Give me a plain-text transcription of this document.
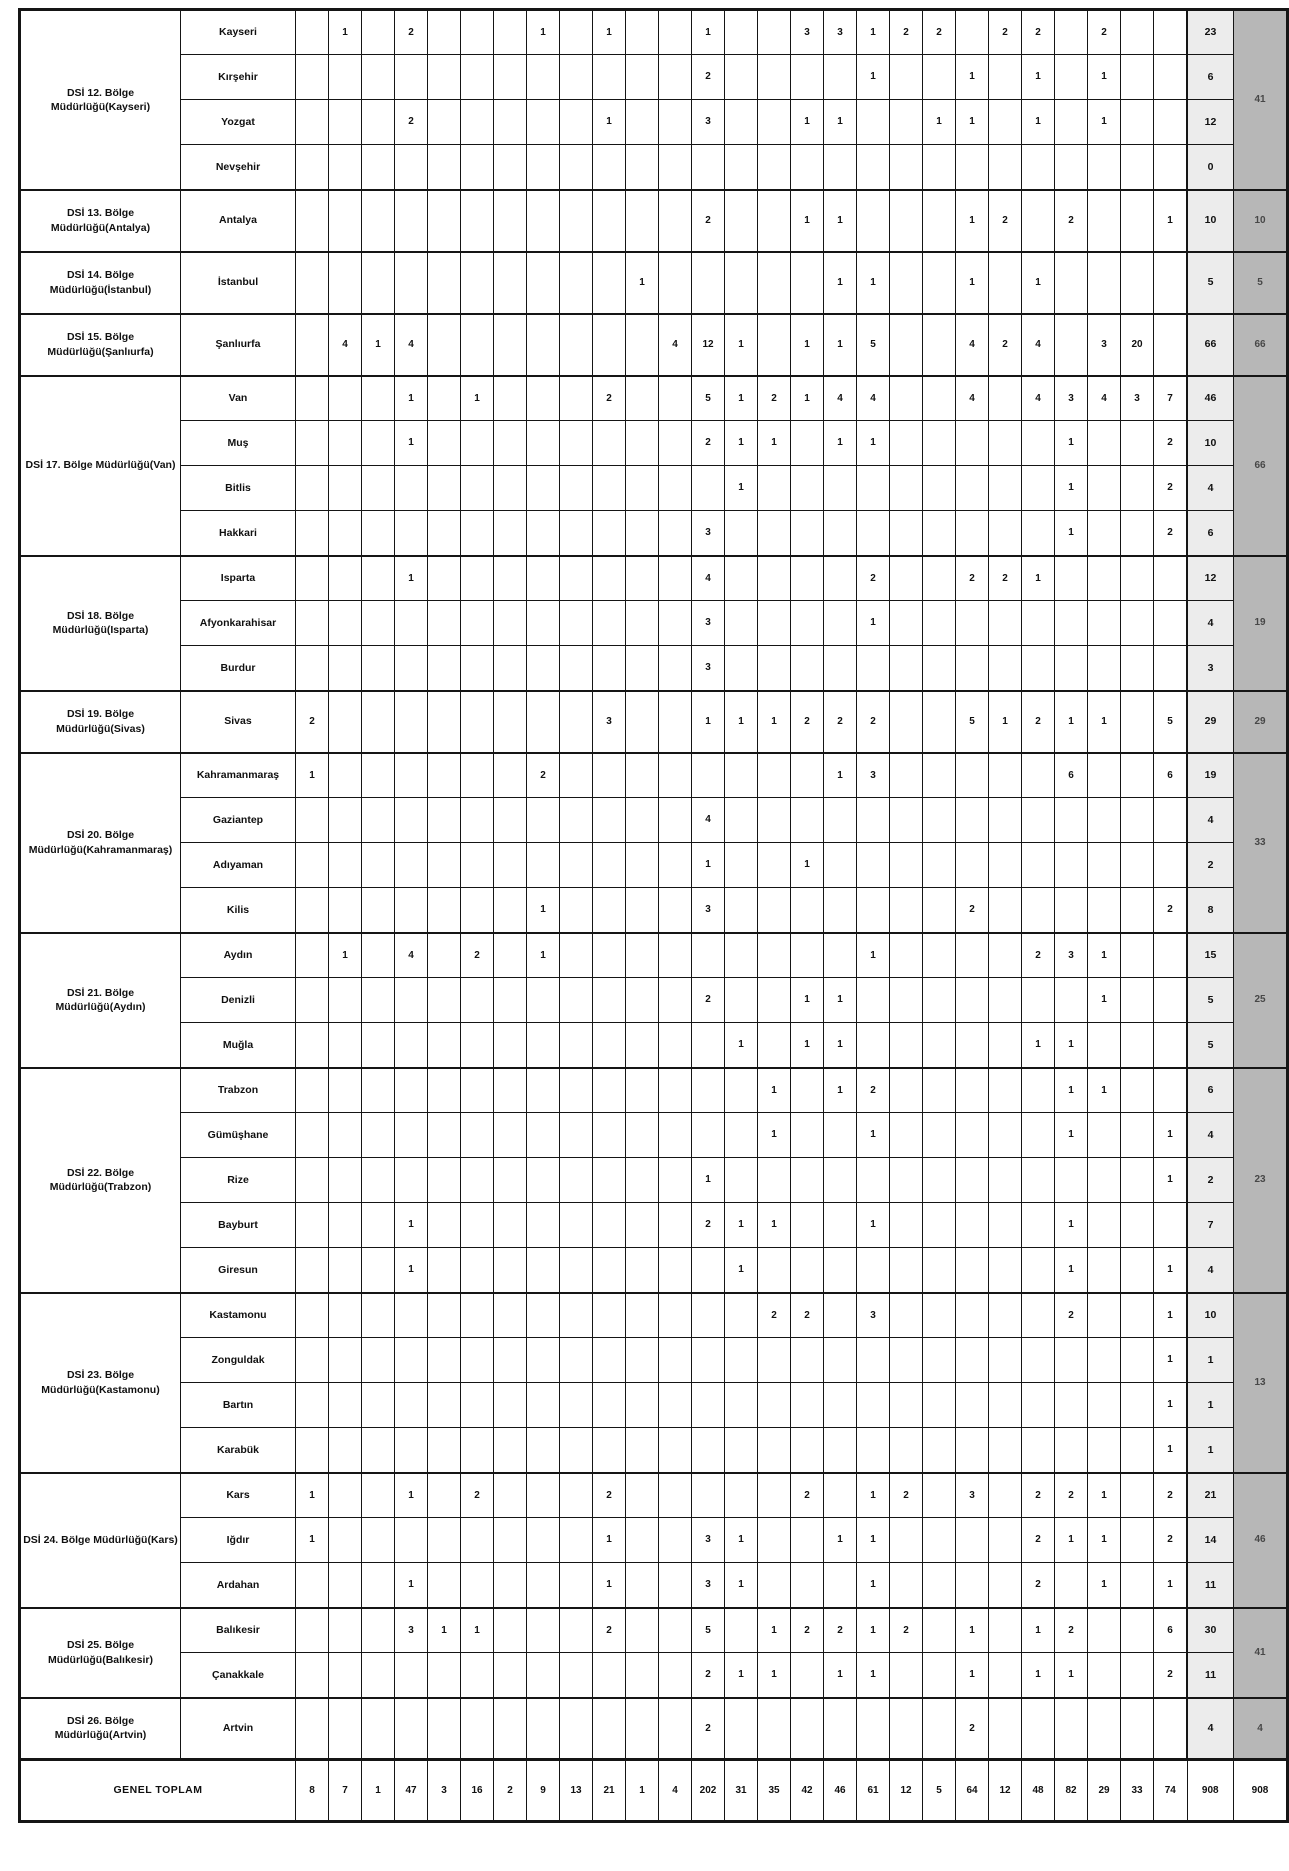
DSİ 12. Bölge Müdürlüğü(Kayseri)	Kayseri		1		2				1		1			1			3	3	1	2	2		2	2		2			23	41
	Kırşehir													2					1			1		1		1			6	
	Yozgat				2						1			3			1	1			1	1		1		1			12	
	Nevşehir																												0	
DSİ 13. Bölge Müdürlüğü(Antalya)	Antalya													2			1	1				1	2		2			1	10	10
DSİ 14. Bölge Müdürlüğü(İstanbul)	İstanbul											1						1	1			1		1					5	5
DSİ 15. Bölge Müdürlüğü(Şanlıurfa)	Şanlıurfa		4	1	4								4	12	1		1	1	5			4	2	4		3	20		66	66
DSİ 17. Bölge Müdürlüğü(Van)	Van				1		1				2			5	1	2	1	4	4			4		4	3	4	3	7	46	66
	Muş				1									2	1	1		1	1						1			2	10	
	Bitlis														1										1			2	4	
	Hakkari													3											1			2	6	
DSİ 18. Bölge Müdürlüğü(Isparta)	Isparta				1									4					2			2	2	1					12	19
	Afyonkarahisar													3					1										4	
	Burdur													3															3	
DSİ 19. Bölge Müdürlüğü(Sivas)	Sivas	2									3			1	1	1	2	2	2			5	1	2	1	1		5	29	29
DSİ 20. Bölge Müdürlüğü(Kahramanmaraş)	Kahramanmaraş	1							2									1	3						6			6	19	33
	Gaziantep													4															4	
	Adıyaman													1			1												2	
	Kilis								1					3								2						2	8	
DSİ 21. Bölge Müdürlüğü(Aydın)	Aydın		1		4		2		1										1					2	3	1			15	25
	Denizli													2			1	1								1			5	
	Muğla														1		1	1						1	1				5	
DSİ 22. Bölge Müdürlüğü(Trabzon)	Trabzon															1		1	2						1	1			6	23
	Gümüşhane															1			1						1			1	4	
	Rize													1														1	2	
	Bayburt				1									2	1	1			1						1				7	
	Giresun				1										1										1			1	4	
DSİ 23. Bölge Müdürlüğü(Kastamonu)	Kastamonu															2	2		3						2			1	10	13
	Zonguldak																											1	1	
	Bartın																											1	1	
	Karabük																											1	1	
DSİ 24. Bölge Müdürlüğü(Kars)	Kars	1			1		2				2						2		1	2		3		2	2	1		2	21	46
	Iğdır	1									1			3	1			1	1					2	1	1		2	14	
	Ardahan				1						1			3	1				1					2		1		1	11	
DSİ 25. Bölge Müdürlüğü(Balıkesir)	Balıkesir				3	1	1				2			5		1	2	2	1	2		1		1	2			6	30	41
	Çanakkale													2	1	1		1	1			1		1	1			2	11	
DSİ 26. Bölge Müdürlüğü(Artvin)	Artvin													2								2							4	4
GENEL TOPLAM		8	7	1	47	3	16	2	9	13	21	1	4	202	31	35	42	46	61	12	5	64	12	48	82	29	33	74	908	908
